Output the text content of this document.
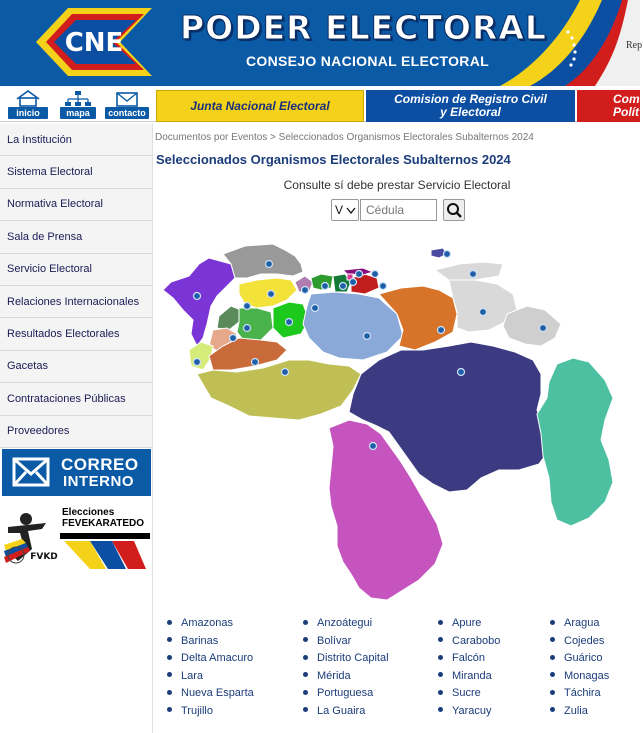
CNE PODER ELECTORAL
CONSEJO NACIONAL ELECTORAL
Rep
inicio	mapa	contacto
Junta Nacional Electoral	Comision de Registro Civil
y Electoral
Comi
Polít
La Institución
Sistema Electoral
Normativa Electoral
Sala de Prensa
Servicio Electoral
Relaciones Internacionales
Resultados Electorales
Gacetas
Contrataciones Públicas
Proveedores
CORREO
INTERNO
FVKD
Elecciones
FEVEKARATEDO
Documentos por Eventos > Seleccionados Organismos Electorales Subalternos 2024
Seleccionados Organismos Electorales Subalternos 2024
Consulte sí debe prestar Servicio Electoral
V	Cédula
Amazonas	Anzoátegui	Apure	Aragua
Barinas	Bolívar	Carabobo	Cojedes
Delta Amacuro	Distrito Capital	Falcón	Guárico
Lara	Mérida	Miranda	Monagas
Nueva Esparta	Portuguesa	Sucre	Táchira
Trujillo	La Guaira	Yaracuy	Zulia
